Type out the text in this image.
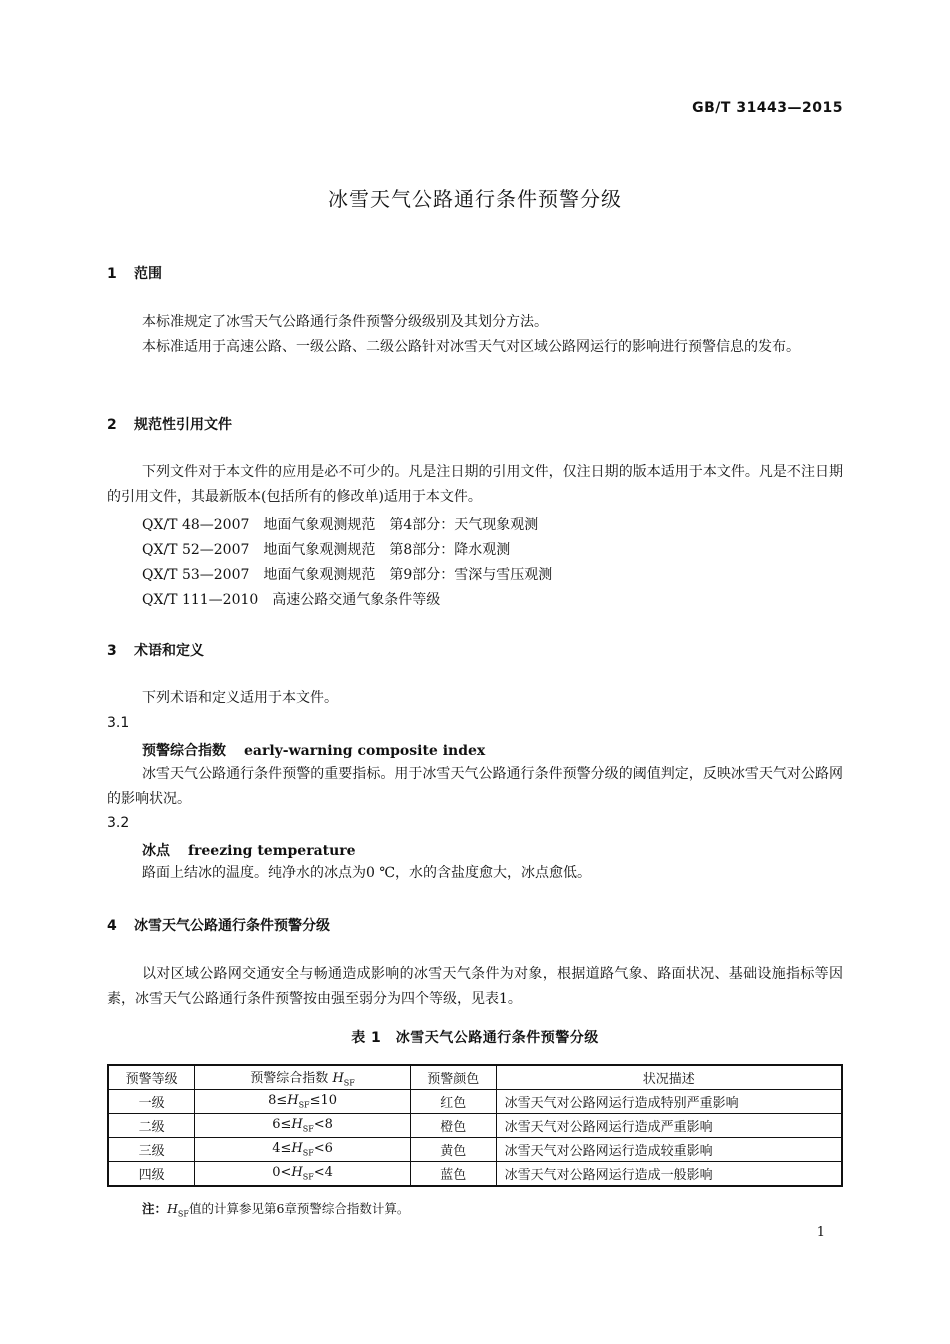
GB/T 31443—2015
冰雪天气公路通行条件预警分级
1 范围
本标准规定了冰雪天气公路通行条件预警分级级别及其划分方法。
本标准适用于高速公路、一级公路、二级公路针对冰雪天气对区域公路网运行的影响进行预警信息的发布。
2 规范性引用文件
下列文件对于本文件的应用是必不可少的。凡是注日期的引用文件，仅注日期的版本适用于本文件。凡是不注日期的引用文件，其最新版本(包括所有的修改单)适用于本文件。
QX/T 48—2007　地面气象观测规范　第4部分：天气现象观测
QX/T 52—2007　地面气象观测规范　第8部分：降水观测
QX/T 53—2007　地面气象观测规范　第9部分：雪深与雪压观测
QX/T 111—2010　高速公路交通气象条件等级
3 术语和定义
下列术语和定义适用于本文件。
3.1
预警综合指数 early-warning composite index
冰雪天气公路通行条件预警的重要指标。用于冰雪天气公路通行条件预警分级的阈值判定，反映冰雪天气对公路网的影响状况。
3.2
冰点 freezing temperature
路面上结冰的温度。纯净水的冰点为0 ℃，水的含盐度愈大，冰点愈低。
4 冰雪天气公路通行条件预警分级
以对区域公路网交通安全与畅通造成影响的冰雪天气条件为对象，根据道路气象、路面状况、基础设施指标等因素，冰雪天气公路通行条件预警按由强至弱分为四个等级，见表1。
表 1　冰雪天气公路通行条件预警分级
预警等级	预警综合指数 $H_{SF}$	预警颜色	状况描述
一级	$8\le H_{SF}\le 10$	红色	冰雪天气对公路网运行造成特别严重影响
二级	$6\le H_{SF}<8$	橙色	冰雪天气对公路网运行造成严重影响
三级	$4\le H_{SF}<6$	黄色	冰雪天气对公路网运行造成较重影响
四级	$0<H_{SF}<4$	蓝色	冰雪天气对公路网运行造成一般影响
注：$H_{SF}$值的计算参见第6章预警综合指数计算。
1
